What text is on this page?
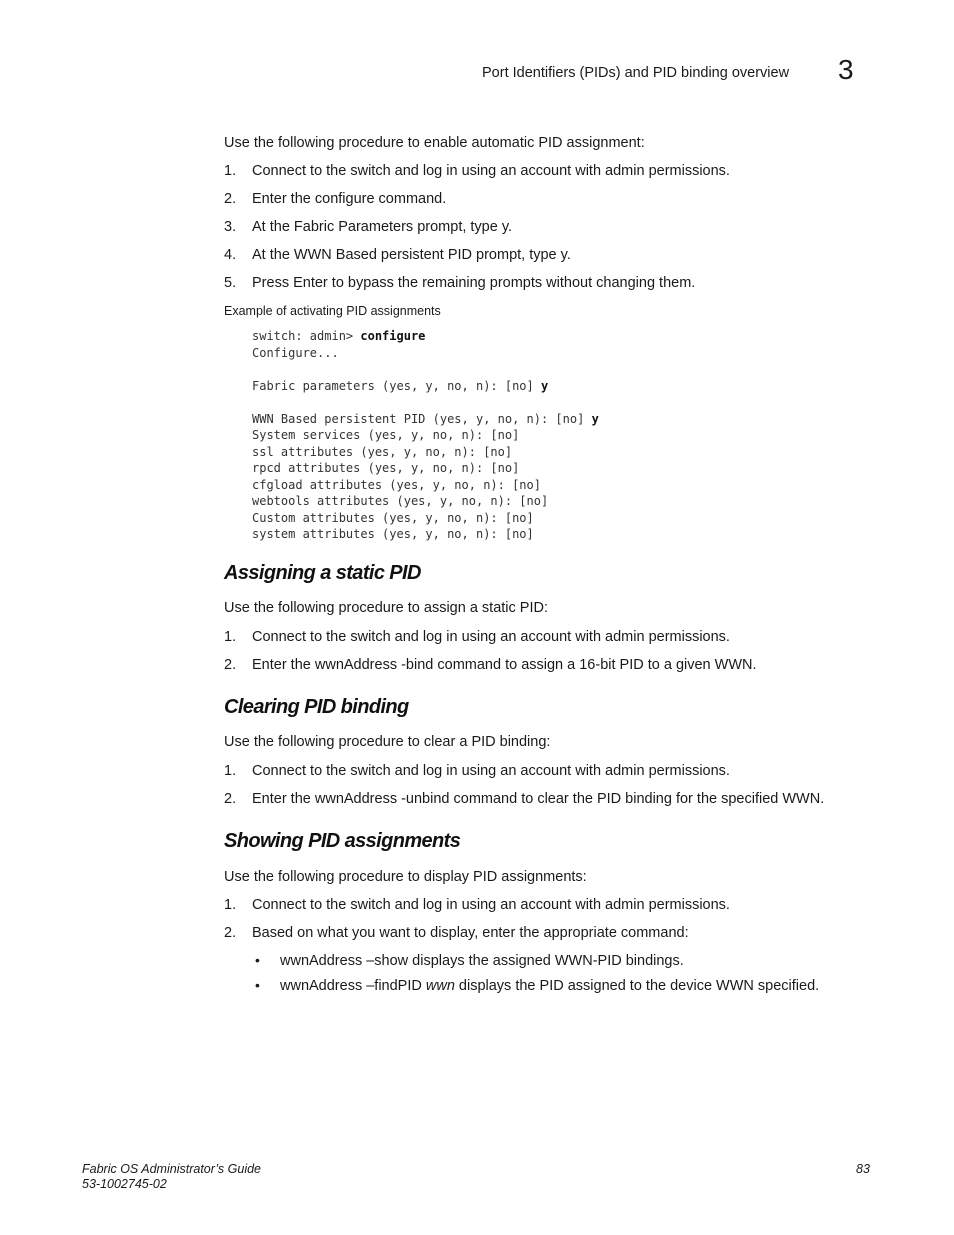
Port Identifiers (PIDs) and PID binding overview 3
Use the following procedure to enable automatic PID assignment:
1. Connect to the switch and log in using an account with admin permissions.
2. Enter the configure command.
3. At the Fabric Parameters prompt, type y.
4. At the WWN Based persistent PID prompt, type y.
5. Press Enter to bypass the remaining prompts without changing them.
Example of activating PID assignments
switch: admin> configure
Configure...
Fabric parameters (yes, y, no, n): [no] y
WWN Based persistent PID (yes, y, no, n): [no] y
System services (yes, y, no, n): [no]
ssl attributes (yes, y, no, n): [no]
rpcd attributes (yes, y, no, n): [no]
cfgload attributes (yes, y, no, n): [no]
webtools attributes (yes, y, no, n): [no]
Custom attributes (yes, y, no, n): [no]
system attributes (yes, y, no, n): [no]
Assigning a static PID
Use the following procedure to assign a static PID:
1. Connect to the switch and log in using an account with admin permissions.
2. Enter the wwnAddress -bind command to assign a 16-bit PID to a given WWN.
Clearing PID binding
Use the following procedure to clear a PID binding:
1. Connect to the switch and log in using an account with admin permissions.
2. Enter the wwnAddress -unbind command to clear the PID binding for the specified WWN.
Showing PID assignments
Use the following procedure to display PID assignments:
1. Connect to the switch and log in using an account with admin permissions.
2. Based on what you want to display, enter the appropriate command:
• wwnAddress –show displays the assigned WWN-PID bindings.
• wwnAddress –findPID wwn displays the PID assigned to the device WWN specified.
Fabric OS Administrator’s Guide
53-1002745-02
83
